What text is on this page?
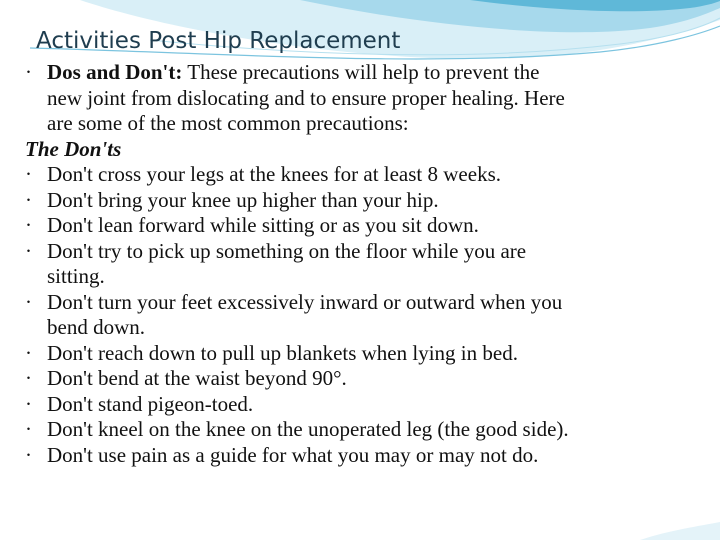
Activities Post Hip Replacement
· Dos and Don't: These precautions will help to prevent the
new joint from dislocating and to ensure proper healing. Here
are some of the most common precautions:
The Don'ts
· Don't cross your legs at the knees for at least 8 weeks.
· Don't bring your knee up higher than your hip.
· Don't lean forward while sitting or as you sit down.
· Don't try to pick up something on the floor while you are
sitting.
· Don't turn your feet excessively inward or outward when you
bend down.
· Don't reach down to pull up blankets when lying in bed.
· Don't bend at the waist beyond 90°.
· Don't stand pigeon-toed.
· Don't kneel on the knee on the unoperated leg (the good side).
· Don't use pain as a guide for what you may or may not do.
